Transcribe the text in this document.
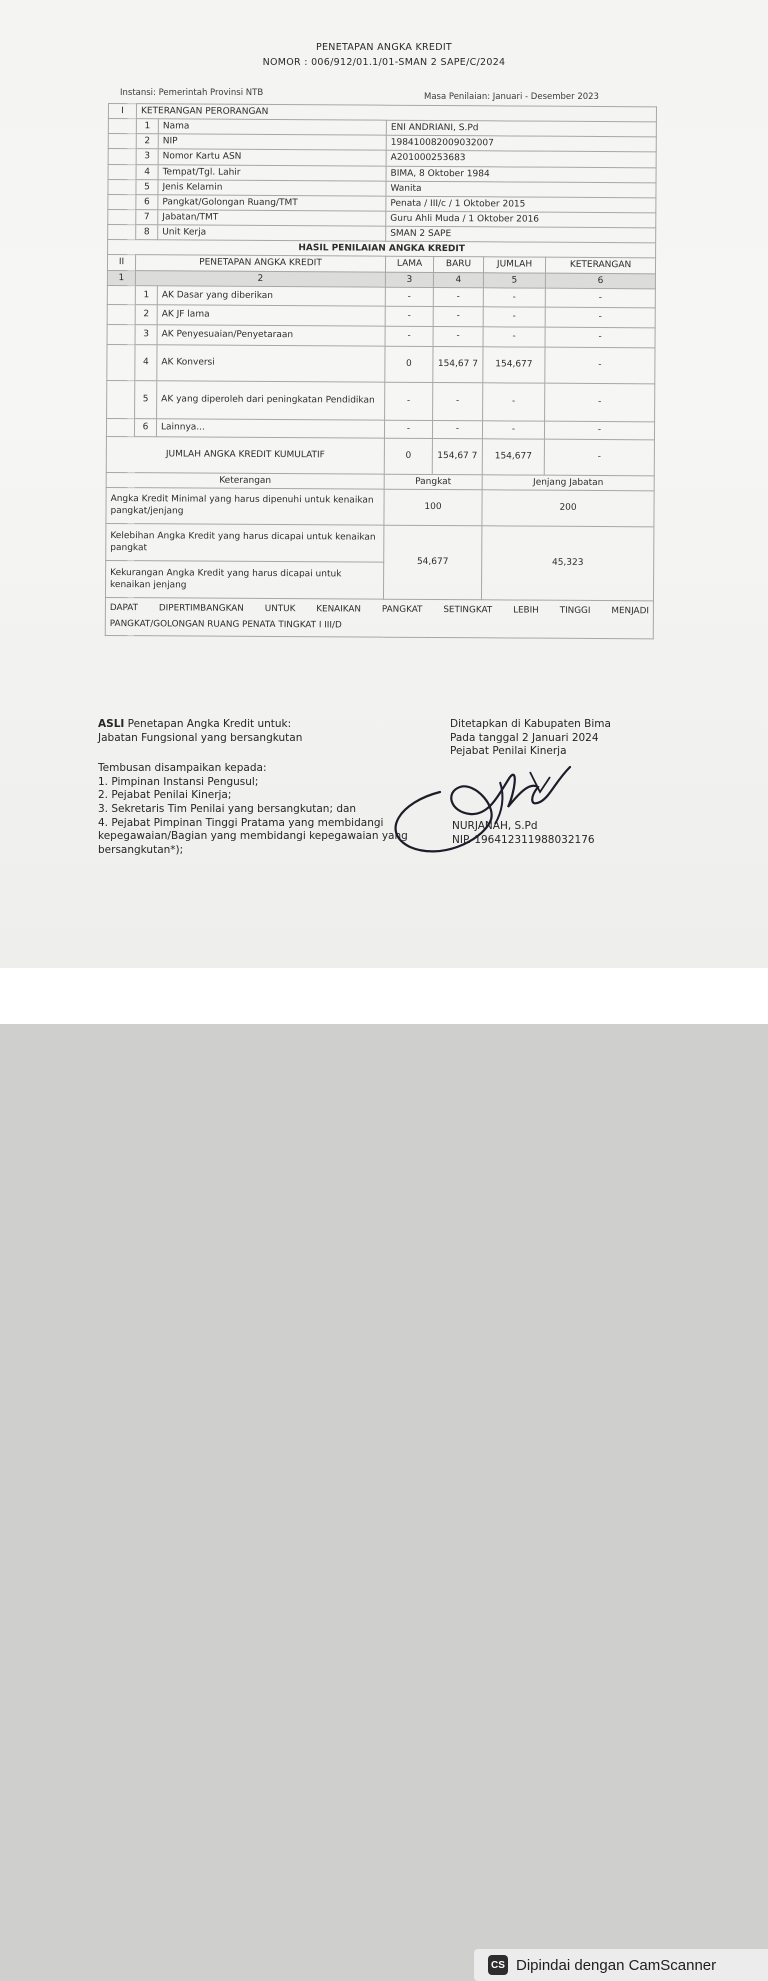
PENETAPAN ANGKA KREDIT
NOMOR : 006/912/01.1/01-SMAN 2 SAPE/C/2024
Instansi: Pemerintah Provinsi NTB	Masa Penilaian: Januari - Desember 2023
I	KETERANGAN PERORANGAN					
	1	Nama	ENI ANDRIANI, S.Pd			
	2	NIP	198410082009032007			
	3	Nomor Kartu ASN	A201000253683			
	4	Tempat/Tgl. Lahir	BIMA, 8 Oktober 1984			
	5	Jenis Kelamin	Wanita			
	6	Pangkat/Golongan Ruang/TMT	Penata / III/c / 1 Oktober 2015			
	7	Jabatan/TMT	Guru Ahli Muda / 1 Oktober 2016			
	8	Unit Kerja	SMAN 2 SAPE			
HASIL PENILAIAN ANGKA KREDIT						
II	PENETAPAN ANGKA KREDIT		LAMA	BARU	JUMLAH	KETERANGAN
1	2		3	4	5	6
	1	AK Dasar yang diberikan	-	-	-	-
	2	AK JF lama	-	-	-	-
	3	AK Penyesuaian/Penyetaraan	-	-	-	-
	4	AK Konversi	0	154,67 7	154,677	-
	5	AK yang diperoleh dari peningkatan Pendidikan	-	-	-	-
	6	Lainnya...	-	-	-	-
JUMLAH ANGKA KREDIT KUMULATIF			0	154,67 7	154,677	-
Keterangan			Pangkat		Jenjang Jabatan	
Angka Kredit Minimal yang harus dipenuhi untuk kenaikan pangkat/jenjang			100		200	
Kelebihan Angka Kredit yang harus dicapai untuk kenaikan pangkat			54,677		45,323	
Kekurangan Angka Kredit yang harus dicapai untuk kenaikan jenjang						

DAPAT DIPERTIMBANGKAN UNTUK KENAIKAN PANGKAT SETINGKAT LEBIH TINGGI MENJADI
PANGKAT/GOLONGAN RUANG PENATA TINGKAT I III/D						
ASLI Penetapan Angka Kredit untuk:
Jabatan Fungsional yang bersangkutan
Tembusan disampaikan kepada:
1. Pimpinan Instansi Pengusul;
2. Pejabat Penilai Kinerja;
3. Sekretaris Tim Penilai yang bersangkutan; dan
4. Pejabat Pimpinan Tinggi Pratama yang membidangi
kepegawaian/Bagian yang membidangi kepegawaian yang
bersangkutan*);
Ditetapkan di Kabupaten Bima
Pada tanggal 2 Januari 2024
Pejabat Penilai Kinerja
NURJANAH, S.Pd
NIP. 196412311988032176
CS Dipindai dengan CamScanner
